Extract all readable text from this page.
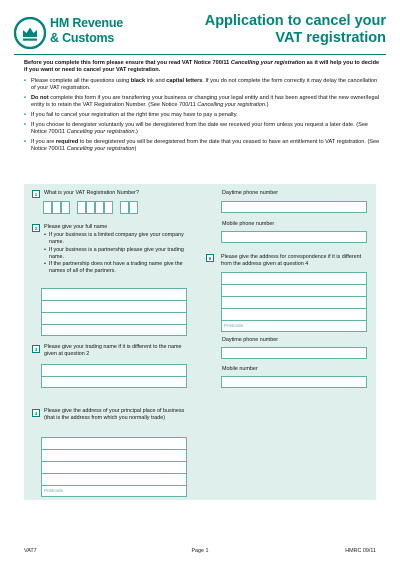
HM Revenue
& Customs
Application to cancel your
VAT registration
Before you complete this form please ensure that you read VAT Notice 700/11 Cancelling your registration as it will help you to decide if you want or need to cancel your VAT registration.
• Please complete all the questions using black ink and capital letters. If you do not complete the form correctly it may delay the cancellation of your VAT registration.
• Do not complete this form if you are transferring your business or changing your legal entity and it has been agreed that the new owner/legal entity is to retain the VAT Registration Number. (See Notice 700/11 Cancelling your registration.)
• If you fail to cancel your registration at the right time you may have to pay a penalty.
• If you choose to deregister voluntarily you will be deregistered from the date we received your form unless you request a later date. (See Notice 700/11 Cancelling your registration.)
• If you are required to be deregistered you will be deregistered from the date that you ceased to have an entitlement to VAT registration. (See Notice 700/11 Cancelling your registration)
1	What is your VAT Registration Number?	Daytime phone number
Mobile phone number
2	Please give your full name
• If your business is a limited company give your company name.
• If your business is a partnership please give your trading name.
• If the partnership does not have a trading name give the names of all of the partners.
5	Please give the address for correspondence if it is different from the address given at question 4
Postcode
Daytime phone number
Mobile number
3	Please give your trading name if it is different to the name given at question 2
4	Please give the address of your principal place of business (that is the address from which you normally trade)
Postcode
VAT7	Page 1	HMRC 09/11
